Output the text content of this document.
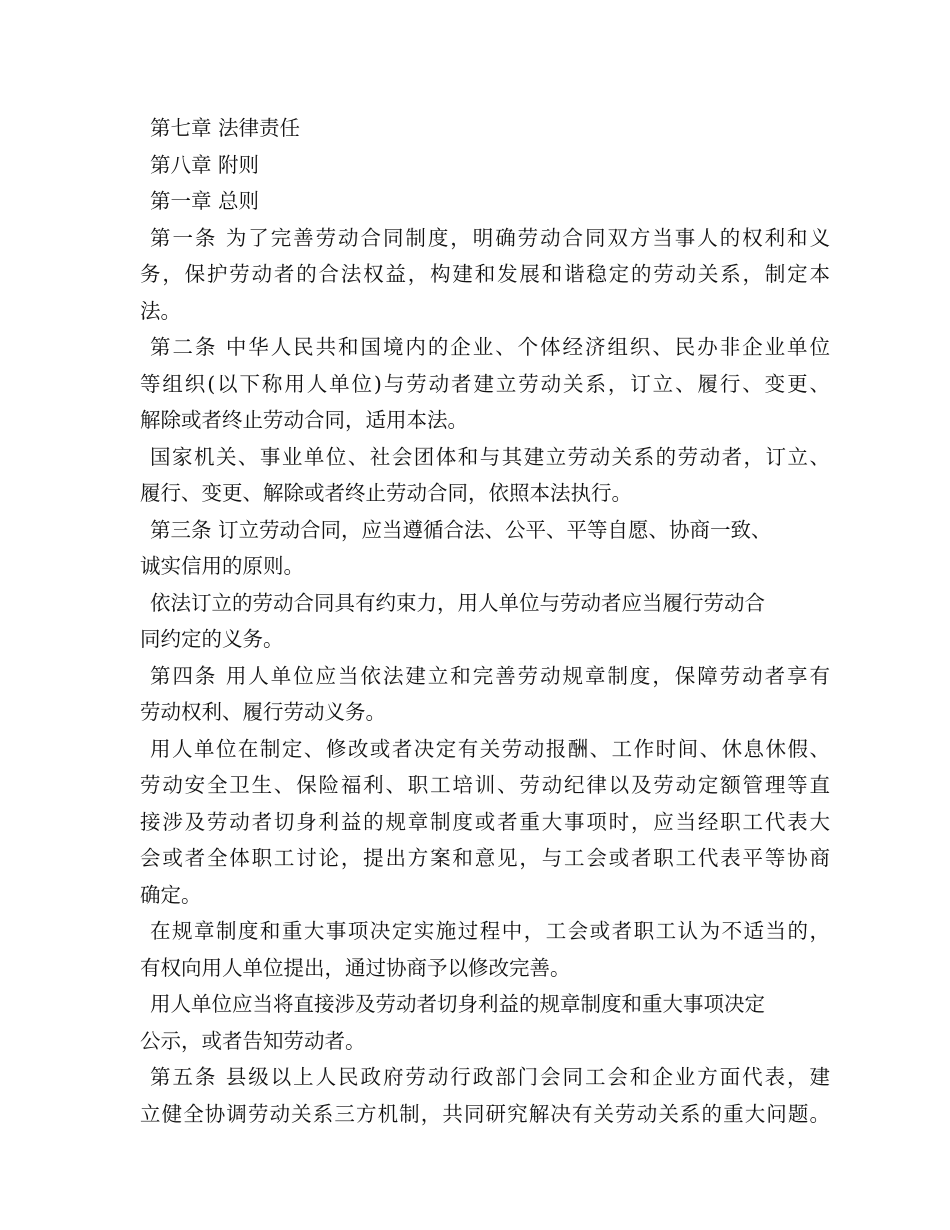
第七章 法律责任
第八章 附则
第一章 总则
第一条 为了完善劳动合同制度，明确劳动合同双方当事人的权利和义
务，保护劳动者的合法权益，构建和发展和谐稳定的劳动关系，制定本
法。
第二条 中华人民共和国境内的企业、个体经济组织、民办非企业单位
等组织(以下称用人单位)与劳动者建立劳动关系，订立、履行、变更、
解除或者终止劳动合同，适用本法。
国家机关、事业单位、社会团体和与其建立劳动关系的劳动者，订立、
履行、变更、解除或者终止劳动合同，依照本法执行。
第三条 订立劳动合同，应当遵循合法、公平、平等自愿、协商一致、
诚实信用的原则。
依法订立的劳动合同具有约束力，用人单位与劳动者应当履行劳动合
同约定的义务。
第四条 用人单位应当依法建立和完善劳动规章制度，保障劳动者享有
劳动权利、履行劳动义务。
用人单位在制定、修改或者决定有关劳动报酬、工作时间、休息休假、
劳动安全卫生、保险福利、职工培训、劳动纪律以及劳动定额管理等直
接涉及劳动者切身利益的规章制度或者重大事项时，应当经职工代表大
会或者全体职工讨论，提出方案和意见，与工会或者职工代表平等协商
确定。
在规章制度和重大事项决定实施过程中，工会或者职工认为不适当的，
有权向用人单位提出，通过协商予以修改完善。
用人单位应当将直接涉及劳动者切身利益的规章制度和重大事项决定
公示，或者告知劳动者。
第五条 县级以上人民政府劳动行政部门会同工会和企业方面代表，建
立健全协调劳动关系三方机制，共同研究解决有关劳动关系的重大问题。
